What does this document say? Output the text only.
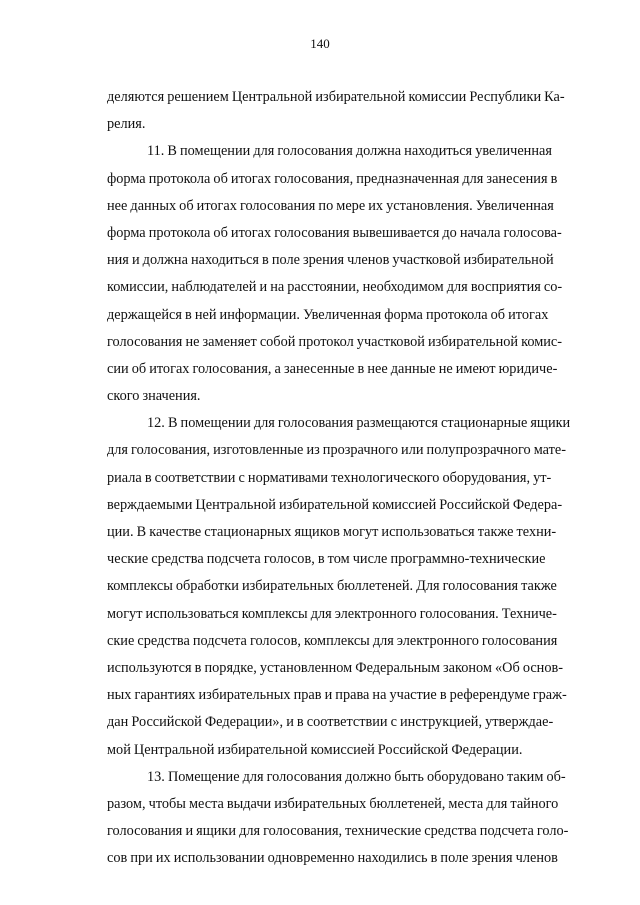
140
деляются решением Центральной избирательной комиссии Республики Ка-
релия.
11. В помещении для голосования должна находиться увеличенная
форма протокола об итогах голосования, предназначенная для занесения в
нее данных об итогах голосования по мере их установления. Увеличенная
форма протокола об итогах голосования вывешивается до начала голосова-
ния и должна находиться в поле зрения членов участковой избирательной
комиссии, наблюдателей и на расстоянии, необходимом для восприятия со-
держащейся в ней информации. Увеличенная форма протокола об итогах
голосования не заменяет собой протокол участковой избирательной комис-
сии об итогах голосования, а занесенные в нее данные не имеют юридиче-
ского значения.
12. В помещении для голосования размещаются стационарные ящики
для голосования, изготовленные из прозрачного или полупрозрачного мате-
риала в соответствии с нормативами технологического оборудования, ут-
верждаемыми Центральной избирательной комиссией Российской Федера-
ции. В качестве стационарных ящиков могут использоваться также техни-
ческие средства подсчета голосов, в том числе программно-технические
комплексы обработки избирательных бюллетеней. Для голосования также
могут использоваться комплексы для электронного голосования. Техниче-
ские средства подсчета голосов, комплексы для электронного голосования
используются в порядке, установленном Федеральным законом «Об основ-
ных гарантиях избирательных прав и права на участие в референдуме граж-
дан Российской Федерации», и в соответствии с инструкцией, утверждае-
мой Центральной избирательной комиссией Российской Федерации.
13. Помещение для голосования должно быть оборудовано таким об-
разом, чтобы места выдачи избирательных бюллетеней, места для тайного
голосования и ящики для голосования, технические средства подсчета голо-
сов при их использовании одновременно находились в поле зрения членов
